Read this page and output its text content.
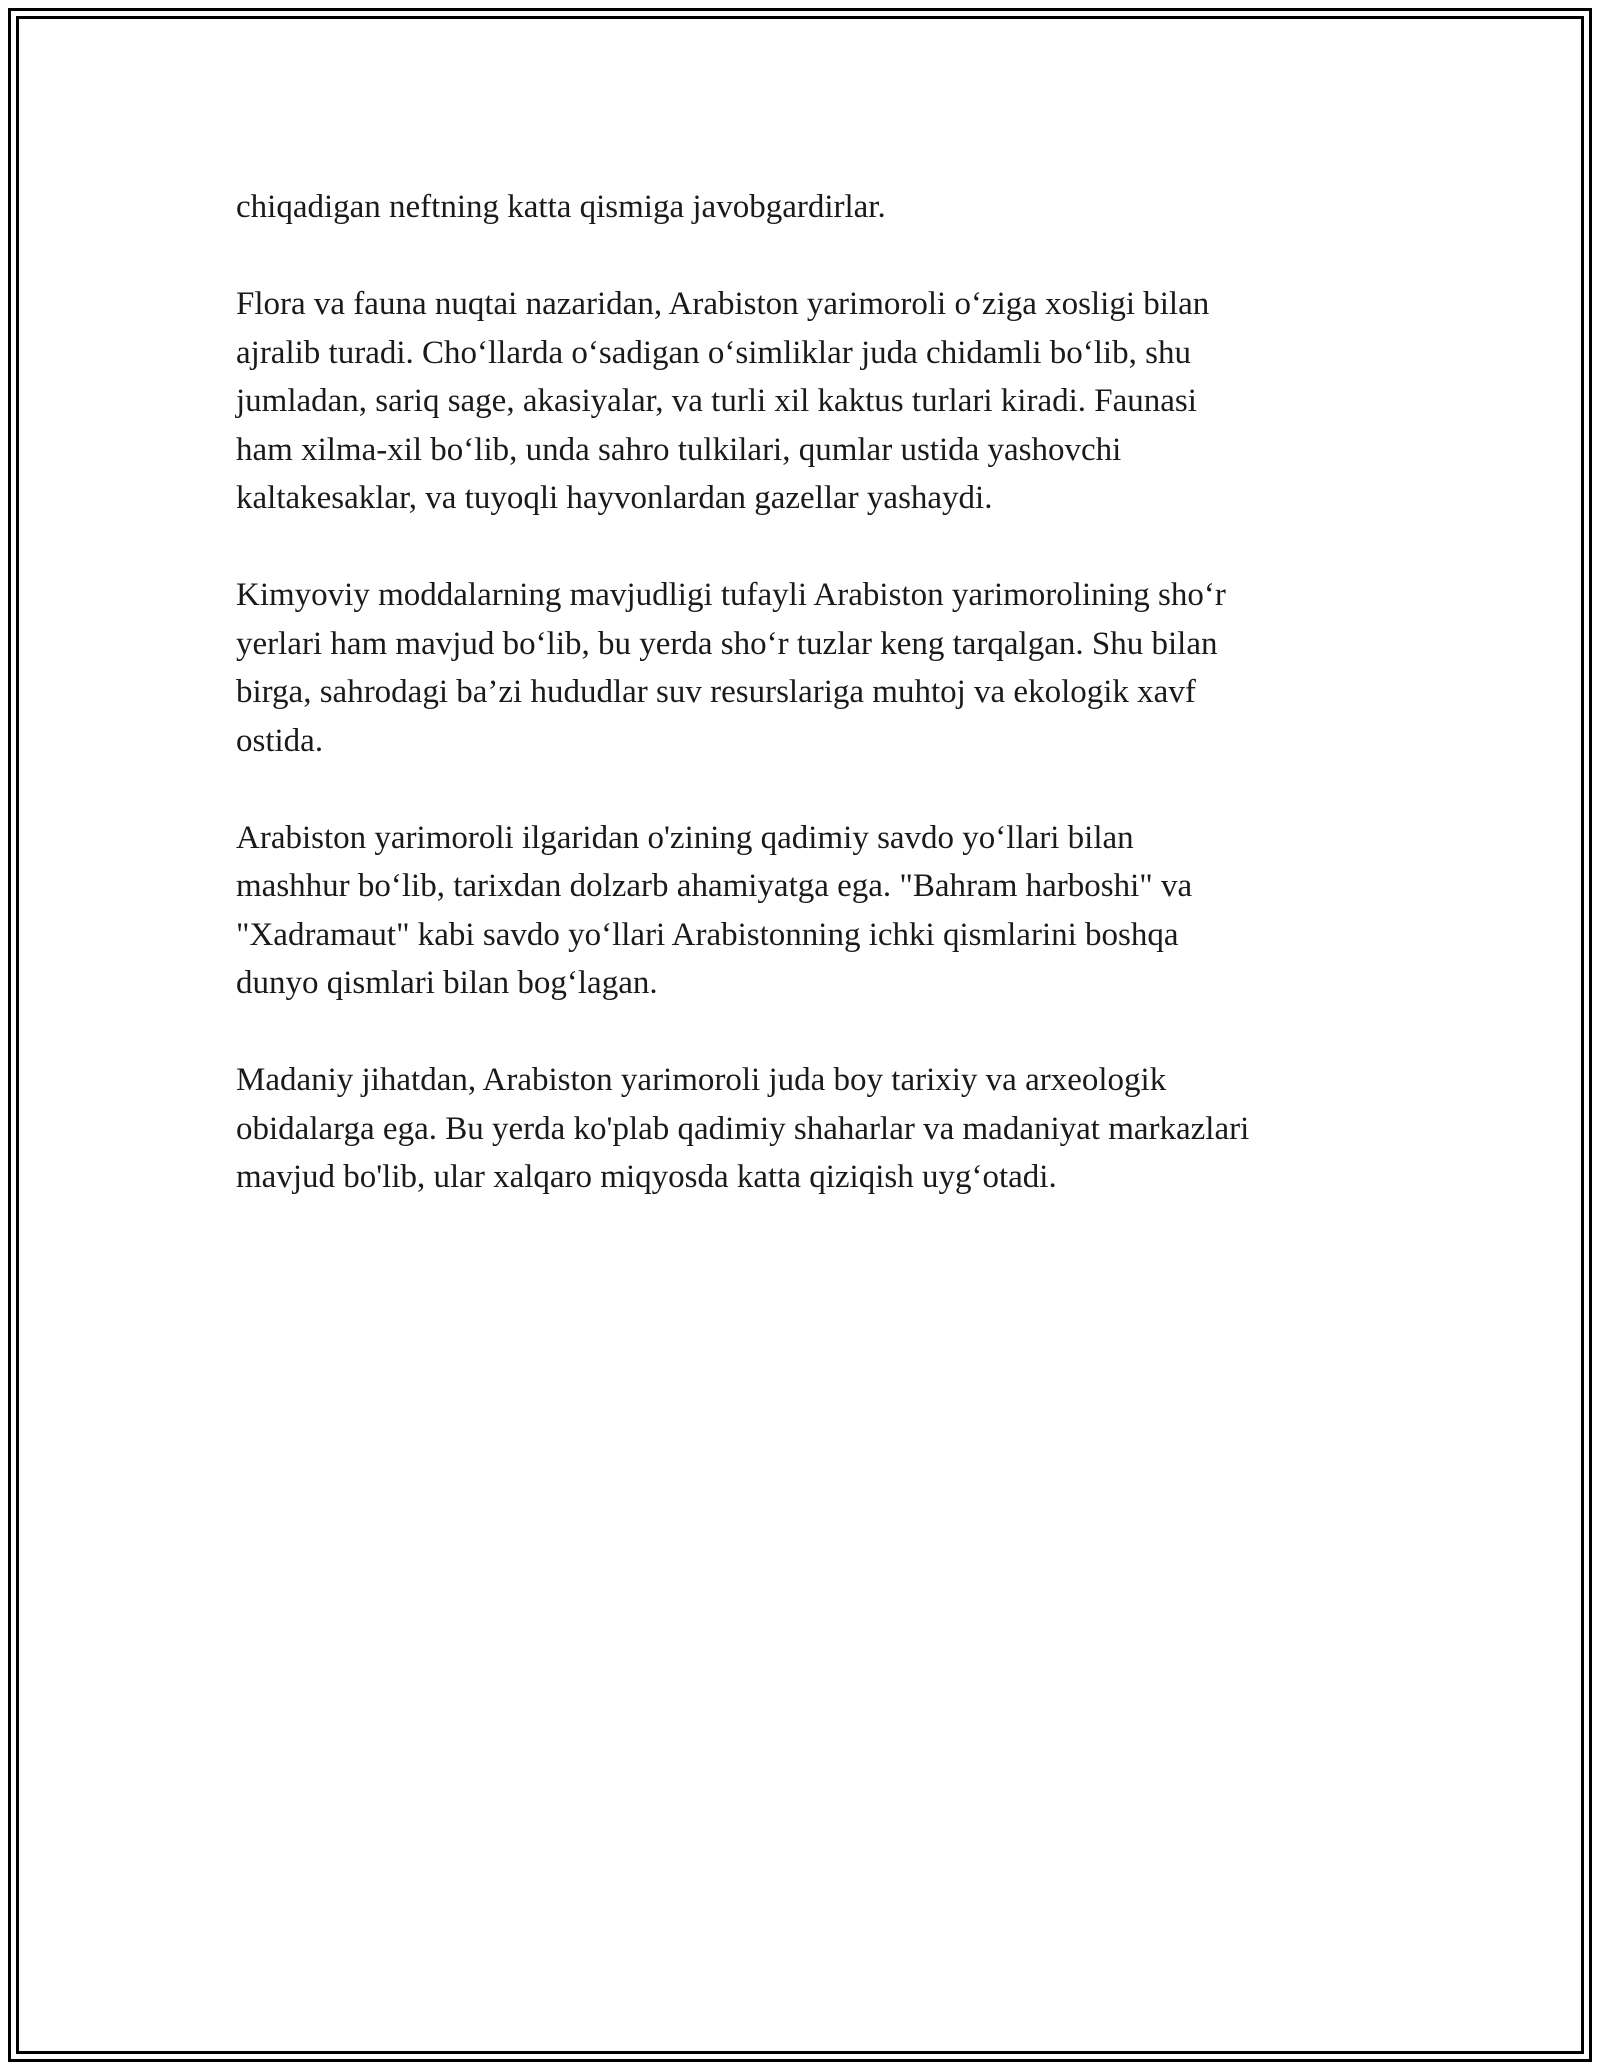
chiqadigan neftning katta qismiga javobgardirlar.

Flora va fauna nuqtai nazaridan, Arabiston yarimoroli o‘ziga xosligi bilan
ajralib turadi. Cho‘llarda o‘sadigan o‘simliklar juda chidamli bo‘lib, shu
jumladan, sariq sage, akasiyalar, va turli xil kaktus turlari kiradi. Faunasi
ham xilma-xil bo‘lib, unda sahro tulkilari, qumlar ustida yashovchi
kaltakesaklar, va tuyoqli hayvonlardan gazellar yashaydi.

Kimyoviy moddalarning mavjudligi tufayli Arabiston yarimorolining sho‘r
yerlari ham mavjud bo‘lib, bu yerda sho‘r tuzlar keng tarqalgan. Shu bilan
birga, sahrodagi ba’zi hududlar suv resurslariga muhtoj va ekologik xavf
ostida.

Arabiston yarimoroli ilgaridan o'zining qadimiy savdo yo‘llari bilan
mashhur bo‘lib, tarixdan dolzarb ahamiyatga ega. "Bahram harboshi" va
"Xadramaut" kabi savdo yo‘llari Arabistonning ichki qismlarini boshqa
dunyo qismlari bilan bog‘lagan.

Madaniy jihatdan, Arabiston yarimoroli juda boy tarixiy va arxeologik
obidalarga ega. Bu yerda ko'plab qadimiy shaharlar va madaniyat markazlari
mavjud bo'lib, ular xalqaro miqyosda katta qiziqish uyg‘otadi.
